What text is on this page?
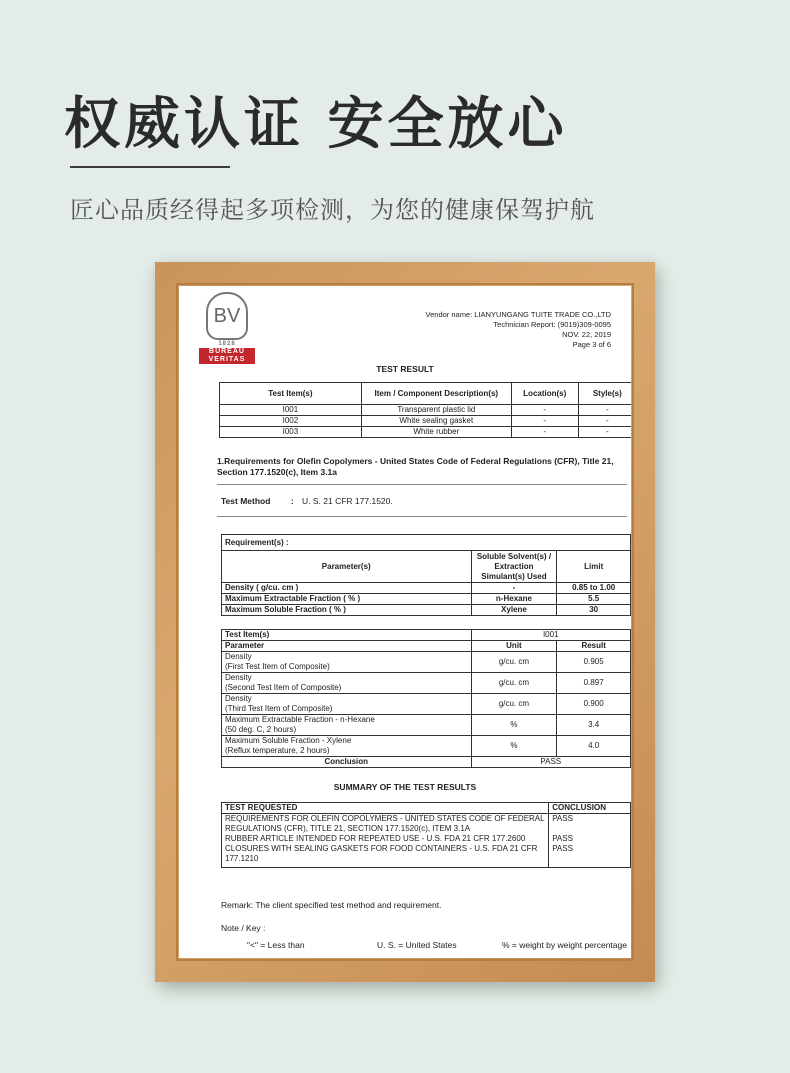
权威认证 安全放心
匠心品质经得起多项检测，为您的健康保驾护航
BV
1828
BUREAU
VERITAS
Vendor name: LIANYUNGANG TUITE TRADE CO.,LTD
Technician Report: (9019)309-0095
NOV. 22, 2019
Page 3 of 6
TEST RESULT
Test Item(s)	Item / Component Description(s)	Location(s)	Style(s)
I001	Transparent plastic lid	-	-
I002	White sealing gasket	-	-
I003	White rubber	-	-
1.Requirements for Olefin Copolymers - United States Code of Federal Regulations (CFR), Title 21, Section 177.1520(c), Item 3.1a
Test Method : U. S. 21 CFR 177.1520.
Requirement(s) :		
Parameter(s)	Soluble Solvent(s) / Extraction Simulant(s) Used	Limit
Density ( g/cu. cm )	-	0.85 to 1.00
Maximum Extractable Fraction ( % )	n-Hexane	5.5
Maximum Soluble Fraction ( % )	Xylene	30
Test Item(s)	I001	
Parameter	Unit	Result

Density
(First Test Item of Composite)	g/cu. cm	0.905

Density
(Second Test Item of Composite)	g/cu. cm	0.897

Density
(Third Test Item of Composite)	g/cu. cm	0.900

Maximum Extractable Fraction - n-Hexane
(50 deg. C, 2 hours)	%	3.4

Maximum Soluble Fraction - Xylene
(Reflux temperature, 2 hours)	%	4.0
Conclusion	PASS	
SUMMARY OF THE TEST RESULTS
TEST REQUESTED	CONCLUSION
REQUIREMENTS FOR OLEFIN COPOLYMERS - UNITED STATES CODE OF FEDERAL REGULATIONS (CFR), TITLE 21, SECTION 177.1520(c), ITEM 3.1A	PASS
RUBBER ARTICLE INTENDED FOR REPEATED USE - U.S. FDA 21 CFR 177.2600	PASS
CLOSURES WITH SEALING GASKETS FOR FOOD CONTAINERS - U.S. FDA 21 CFR 177.1210	PASS
Remark: The client specified test method and requirement.
Note / Key :
"<" = Less than	U. S. = United States	% = weight by weight percentage
